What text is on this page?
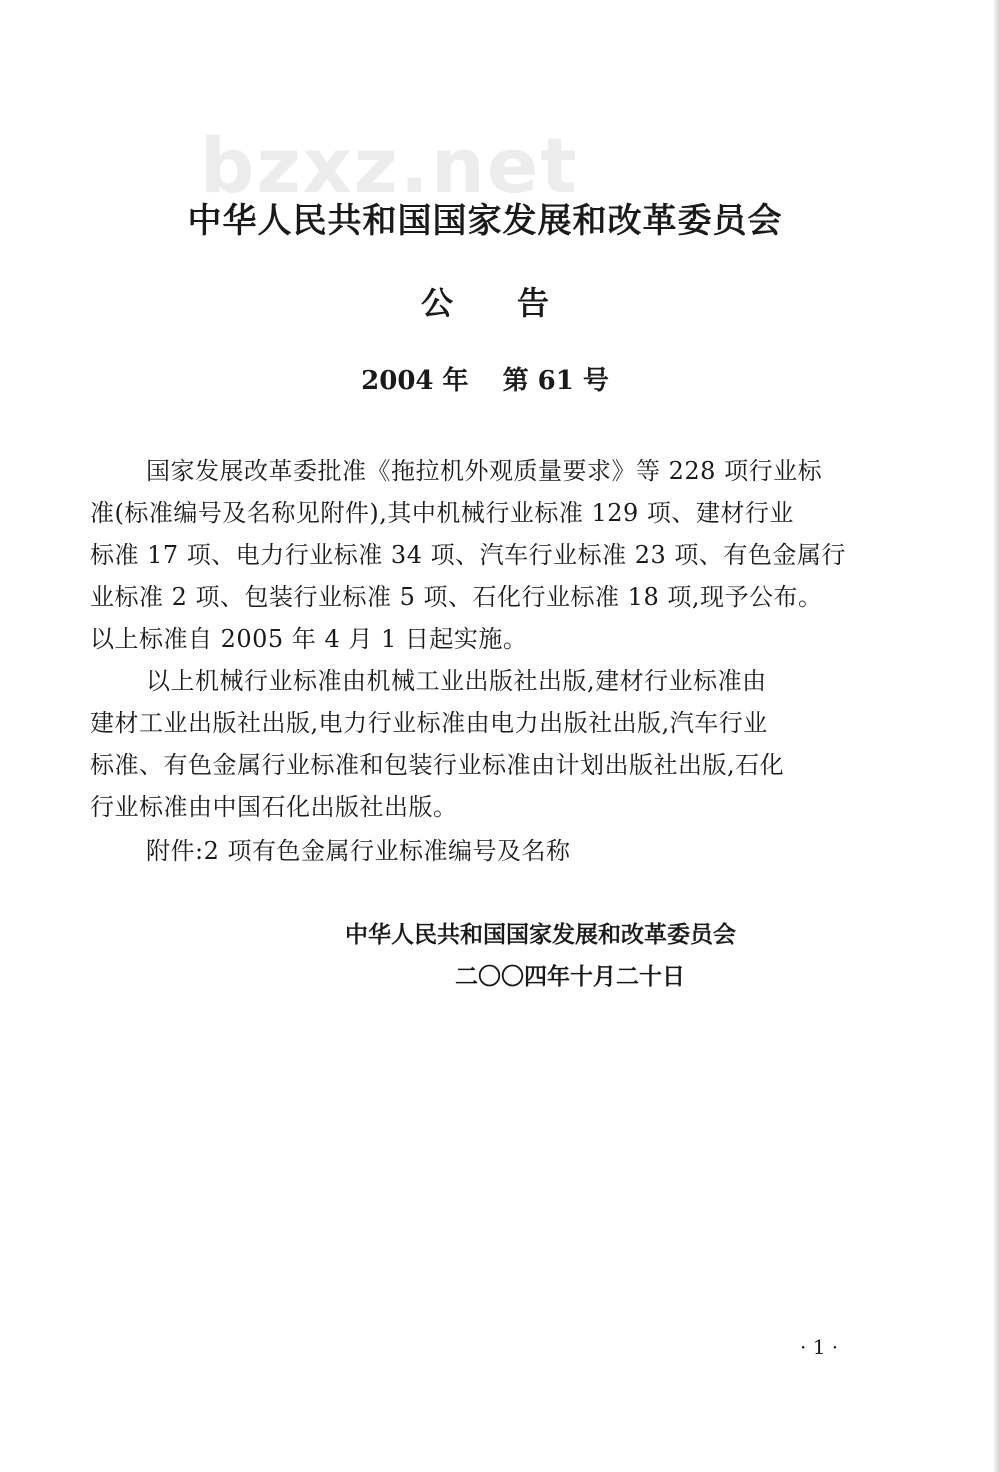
bzxz.net
中华人民共和国国家发展和改革委员会
公　　告
2004 年 第 61 号
国家发展改革委批准《拖拉机外观质量要求》等 228 项行业标
准(标准编号及名称见附件),其中机械行业标准 129 项、建材行业
标准 17 项、电力行业标准 34 项、汽车行业标准 23 项、有色金属行
业标准 2 项、包装行业标准 5 项、石化行业标准 18 项,现予公布。
以上标准自 2005 年 4 月 1 日起实施。
以上机械行业标准由机械工业出版社出版,建材行业标准由
建材工业出版社出版,电力行业标准由电力出版社出版,汽车行业
标准、有色金属行业标准和包装行业标准由计划出版社出版,石化
行业标准由中国石化出版社出版。
附件:2 项有色金属行业标准编号及名称
中华人民共和国国家发展和改革委员会
二〇〇四年十月二十日
· 1 ·
